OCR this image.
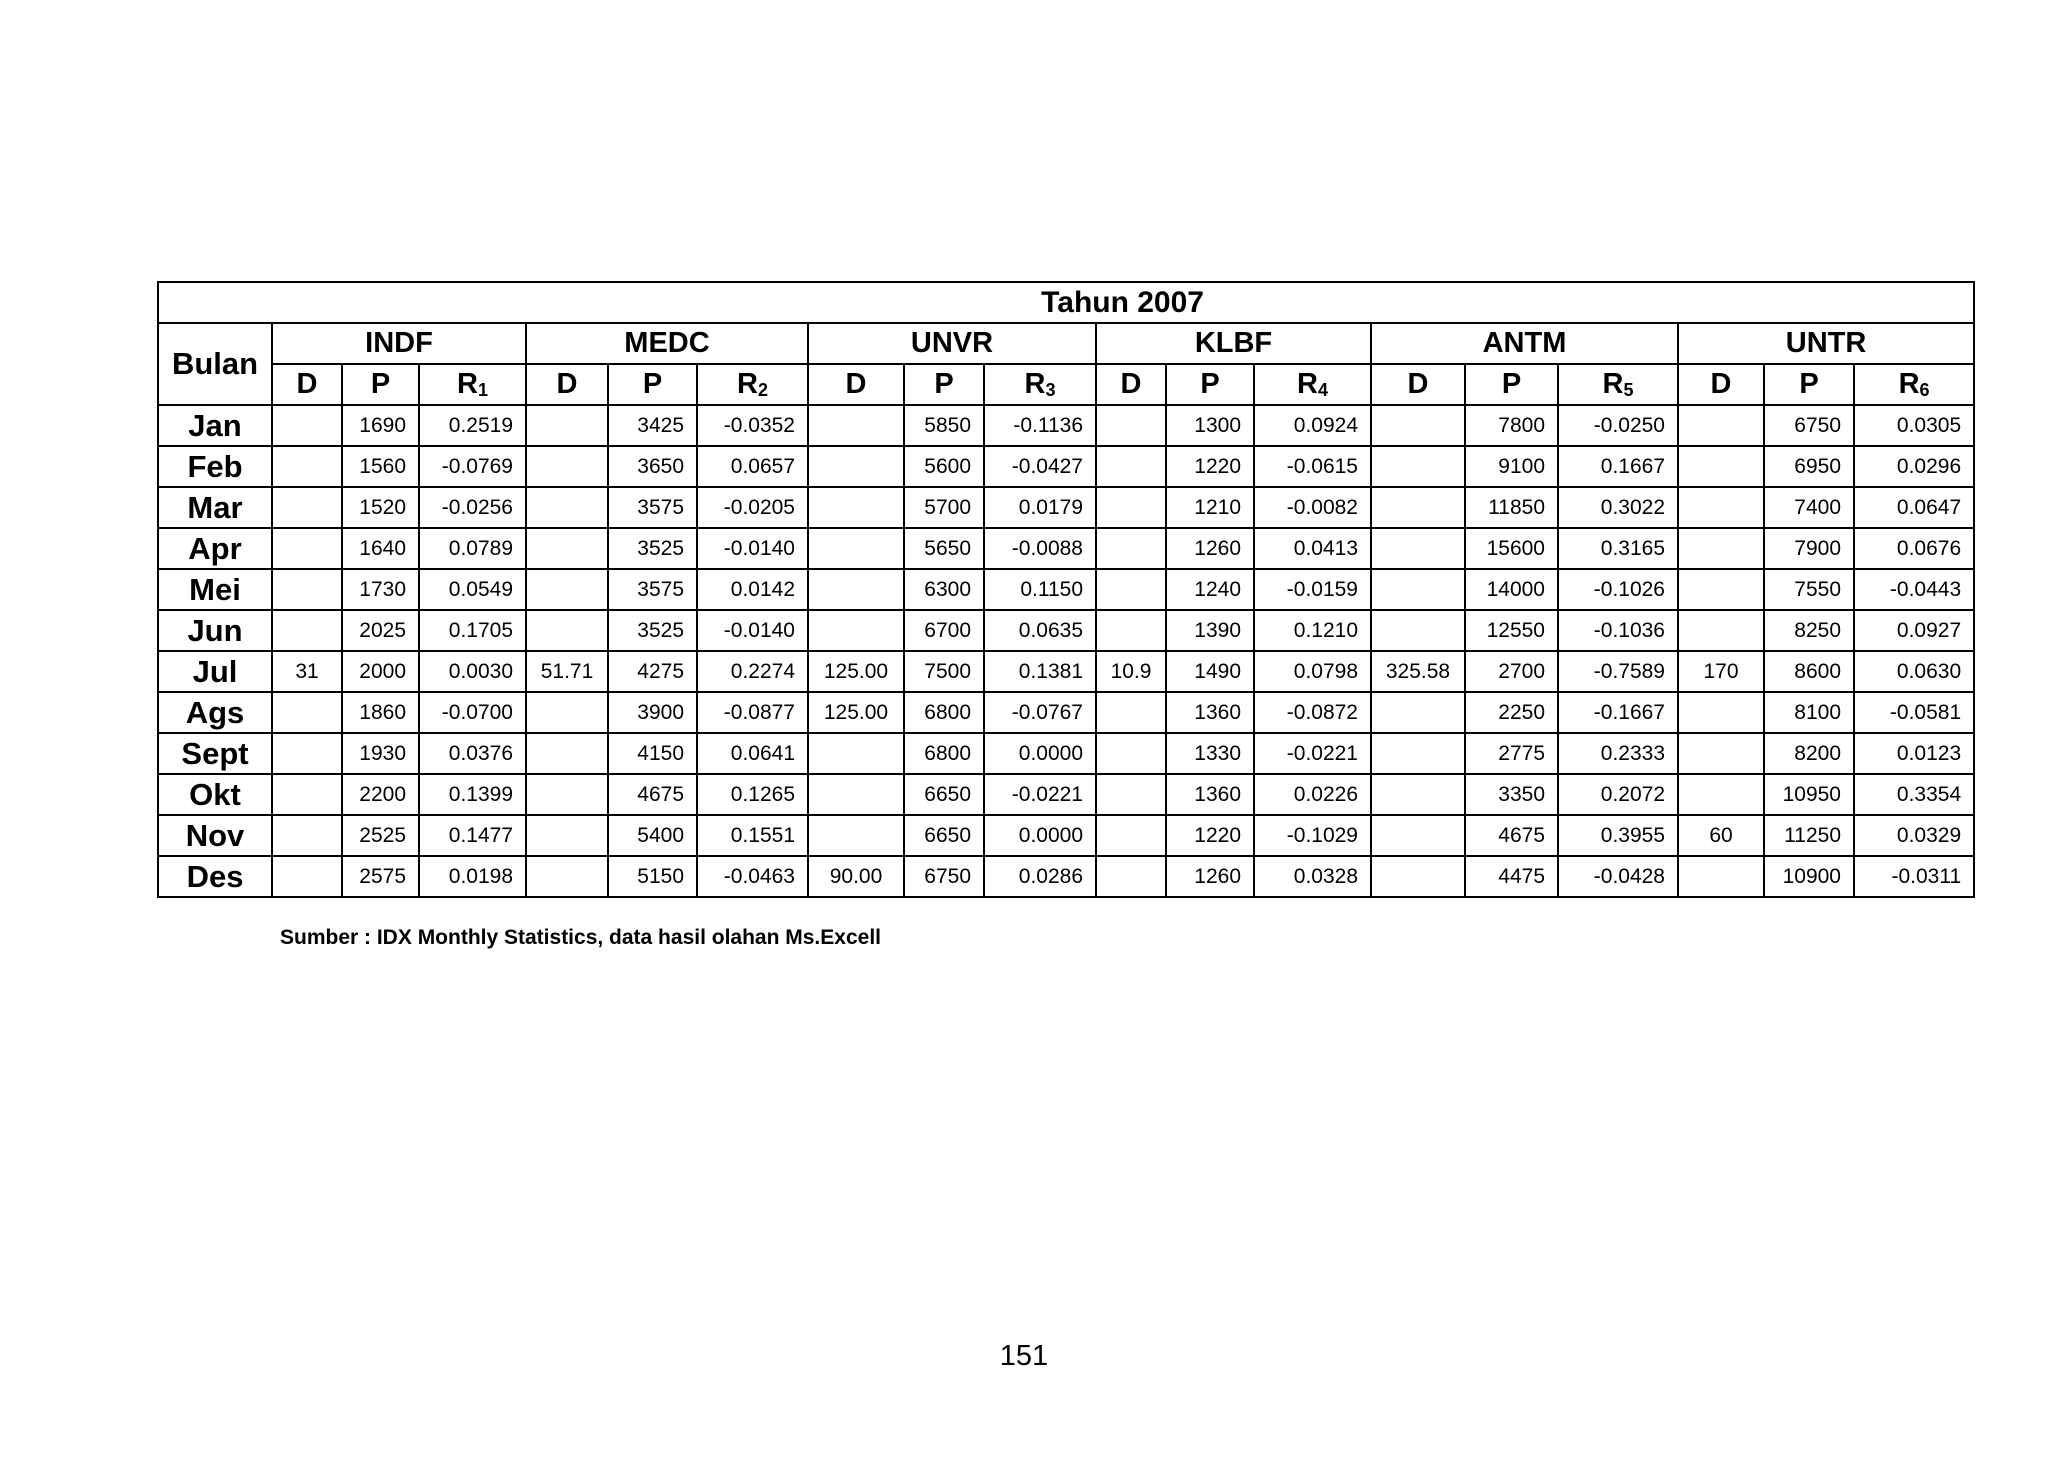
	Tahun 2007																	
Bulan	INDF			MEDC			UNVR			KLBF			ANTM			UNTR		
	D	P	$R_1$	D	P	$R_2$	D	P	$R_3$	D	P	$R_4$	D	P	$R_5$	D	P	$R_6$
Jan		1690	0.2519		3425	-0.0352		5850	-0.1136		1300	0.0924		7800	-0.0250		6750	0.0305
Feb		1560	-0.0769		3650	0.0657		5600	-0.0427		1220	-0.0615		9100	0.1667		6950	0.0296
Mar		1520	-0.0256		3575	-0.0205		5700	0.0179		1210	-0.0082		11850	0.3022		7400	0.0647
Apr		1640	0.0789		3525	-0.0140		5650	-0.0088		1260	0.0413		15600	0.3165		7900	0.0676
Mei		1730	0.0549		3575	0.0142		6300	0.1150		1240	-0.0159		14000	-0.1026		7550	-0.0443
Jun		2025	0.1705		3525	-0.0140		6700	0.0635		1390	0.1210		12550	-0.1036		8250	0.0927
Jul	31	2000	0.0030	51.71	4275	0.2274	125.00	7500	0.1381	10.9	1490	0.0798	325.58	2700	-0.7589	170	8600	0.0630
Ags		1860	-0.0700		3900	-0.0877	125.00	6800	-0.0767		1360	-0.0872		2250	-0.1667		8100	-0.0581
Sept		1930	0.0376		4150	0.0641		6800	0.0000		1330	-0.0221		2775	0.2333		8200	0.0123
Okt		2200	0.1399		4675	0.1265		6650	-0.0221		1360	0.0226		3350	0.2072		10950	0.3354
Nov		2525	0.1477		5400	0.1551		6650	0.0000		1220	-0.1029		4675	0.3955	60	11250	0.0329
Des		2575	0.0198		5150	-0.0463	90.00	6750	0.0286		1260	0.0328		4475	-0.0428		10900	-0.0311
Sumber : IDX Monthly Statistics, data hasil olahan Ms.Excell
151
